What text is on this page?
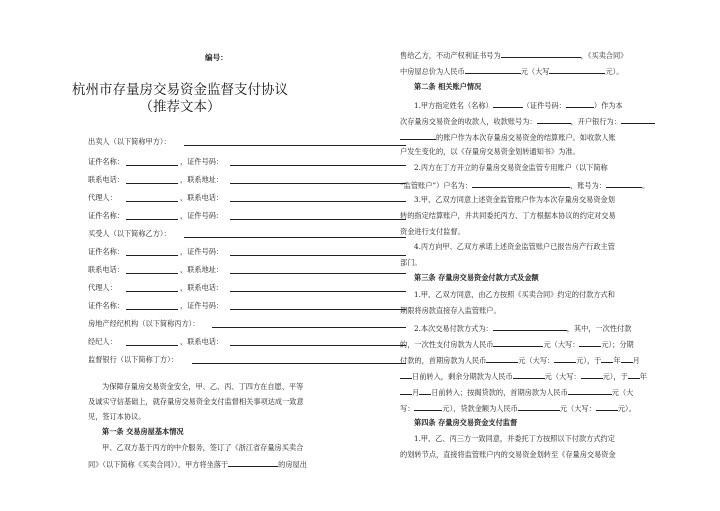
编号：
杭州市存量房交易资金监督支付协议
（推荐文本）
出卖人（以下简称甲方）：
证件名称：	，证件号码：
联系电话：	，联系地址：
代理人：	，联系电话：
证件名称：	，证件号码：
买受人（以下简称乙方）：
证件名称：	，证件号码：
联系电话：	，联系地址：
代理人：	，联系电话：
证件名称：	，证件号码：
房地产经纪机构（以下简称丙方）：
经纪人：	，联系电话：
监督银行（以下简称丁方）：
为保障存量房交易资金安全，甲、乙、丙、丁四方在自愿、平等
及诚实守信基础上，就存量房交易资金支付监督相关事项达成一致意
见，签订本协议。
第一条 交易房屋基本情况
甲、乙双方基于丙方的中介服务，签订了《浙江省存量房买卖合
同》（以下简称《买卖合同》），甲方将坐落于	的房屋出
售给乙方，不动产权利证书号为	，《买卖合同》
中房屋总价为人民币	元（大写	元）。
第二条 相关账户情况
1.甲方指定姓名（名称）	（证件号码：	）作为本
次存量房交易资金的收款人，收款账号为：	，开户银行为：
的账户作为本次存量房交易资金的结算账户。如收款人账
户发生变化的，以《存量房交易资金划转通知书》为准。
2.丙方在丁方开立的存量房交易资金监管专用账户（以下简称
“监管账户”）户名为：	，账号为：	。
3.甲、乙双方同意上述资金监管账户作为本次存量房交易资金划
转的指定结算账户，并共同委托丙方、丁方根据本协议的约定对交易
资金进行支付监督。
4.丙方向甲、乙双方承诺上述资金监管账户已报告房产行政主管
部门。
第三条 存量房交易资金付款方式及金额
1.甲、乙双方同意，由乙方按照《买卖合同》约定的付款方式和
期限将房款直接存入监管账户。
2.本次交易付款方式为：	，其中，一次性付款
的，一次性支付房款为人民币	元（大写：	元）；分期
付款的，首期房款为人民币	元（大写：	元），于 年 月
日前转入，剩余分期款为人民币	元（大写：	元），于 年
月 日前转入；按揭贷款的，首期房款为人民币	元（大
写：	元），贷款金额为人民币	元（大写：	元）。
第四条 存量房交易资金支付监督
1.甲、乙、丙三方一致同意，并委托丁方按照以下付款方式约定
的划转节点，直接将监管账户内的交易资金划转至《存量房交易资金
